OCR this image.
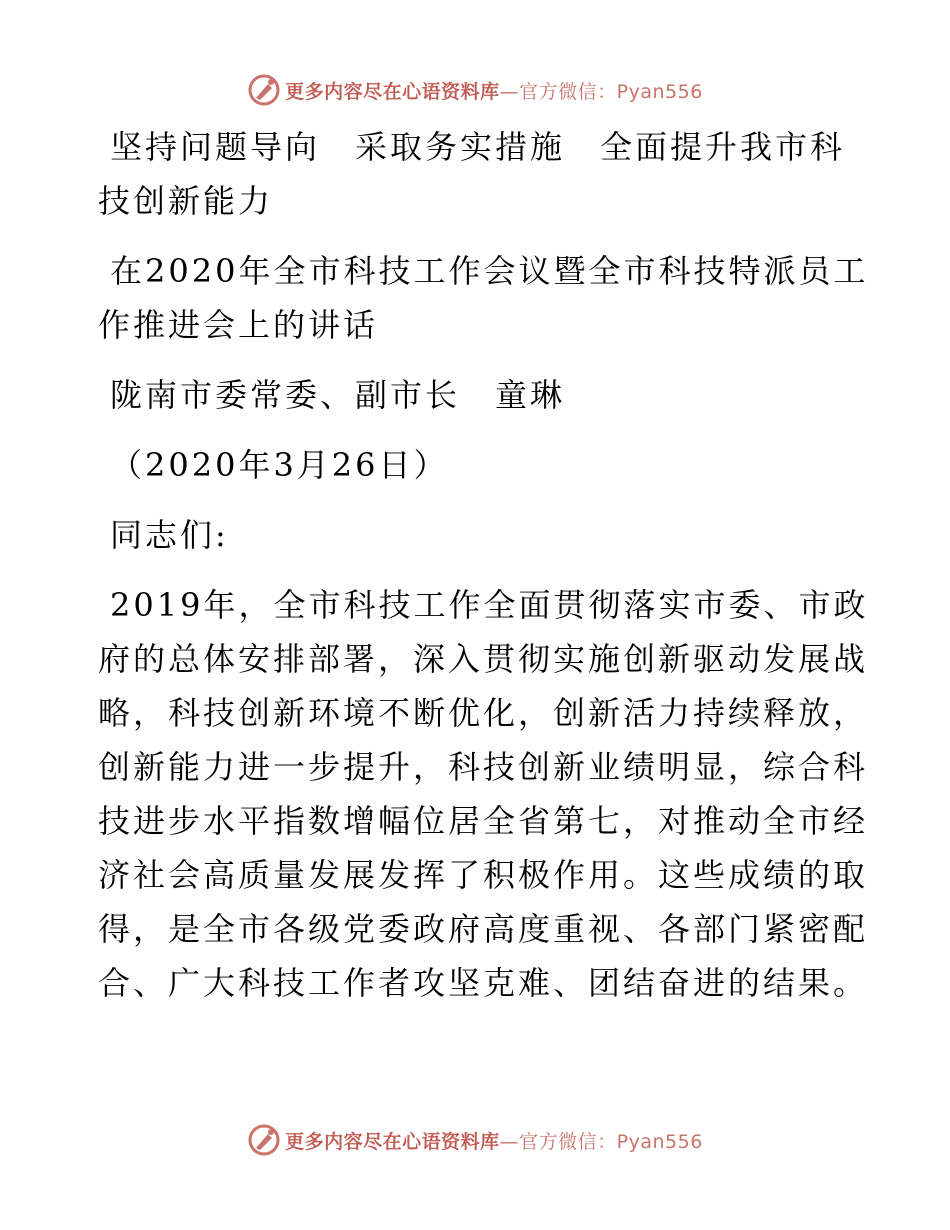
更多内容尽在心语资料库—官方微信：Pyan556
坚持问题导向　采取务实措施　全面提升我市科
技创新能力
在2020年全市科技工作会议暨全市科技特派员工
作推进会上的讲话
陇南市委常委、副市长　童琳
（2020年3月26日）
同志们:
2019年，全市科技工作全面贯彻落实市委、市政
府的总体安排部署，深入贯彻实施创新驱动发展战
略，科技创新环境不断优化，创新活力持续释放，
创新能力进一步提升，科技创新业绩明显，综合科
技进步水平指数增幅位居全省第七，对推动全市经
济社会高质量发展发挥了积极作用。这些成绩的取
得，是全市各级党委政府高度重视、各部门紧密配
合、广大科技工作者攻坚克难、团结奋进的结果。
更多内容尽在心语资料库—官方微信：Pyan556
